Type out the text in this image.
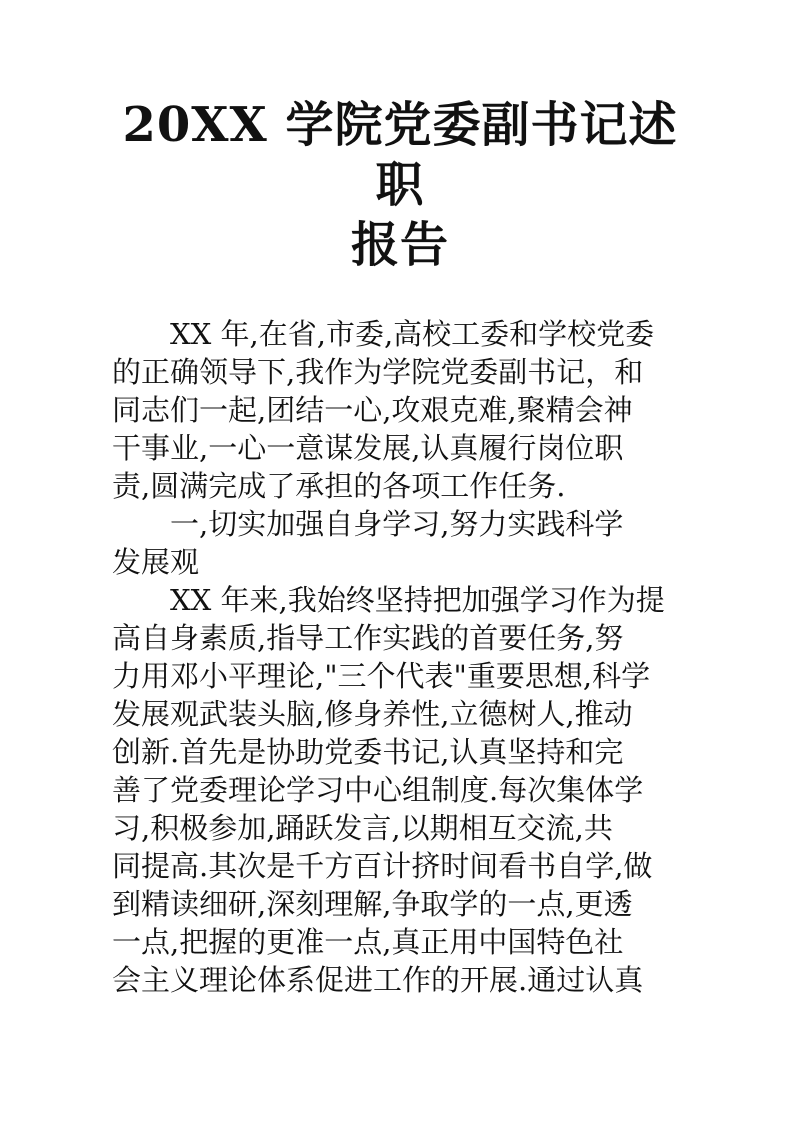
20XX 学院党委副书记述职
报告
XX 年,在省,市委,高校工委和学校党委
的正确领导下,我作为学院党委副书记，和
同志们一起,团结一心,攻艰克难,聚精会神
干事业,一心一意谋发展,认真履行岗位职
责,圆满完成了承担的各项工作任务.
一,切实加强自身学习,努力实践科学
发展观
XX 年来,我始终坚持把加强学习作为提
高自身素质,指导工作实践的首要任务,努
力用邓小平理论,"三个代表"重要思想,科学
发展观武装头脑,修身养性,立德树人,推动
创新.首先是协助党委书记,认真坚持和完
善了党委理论学习中心组制度.每次集体学
习,积极参加,踊跃发言,以期相互交流,共
同提高.其次是千方百计挤时间看书自学,做
到精读细研,深刻理解,争取学的一点,更透
一点,把握的更准一点,真正用中国特色社
会主义理论体系促进工作的开展.通过认真
